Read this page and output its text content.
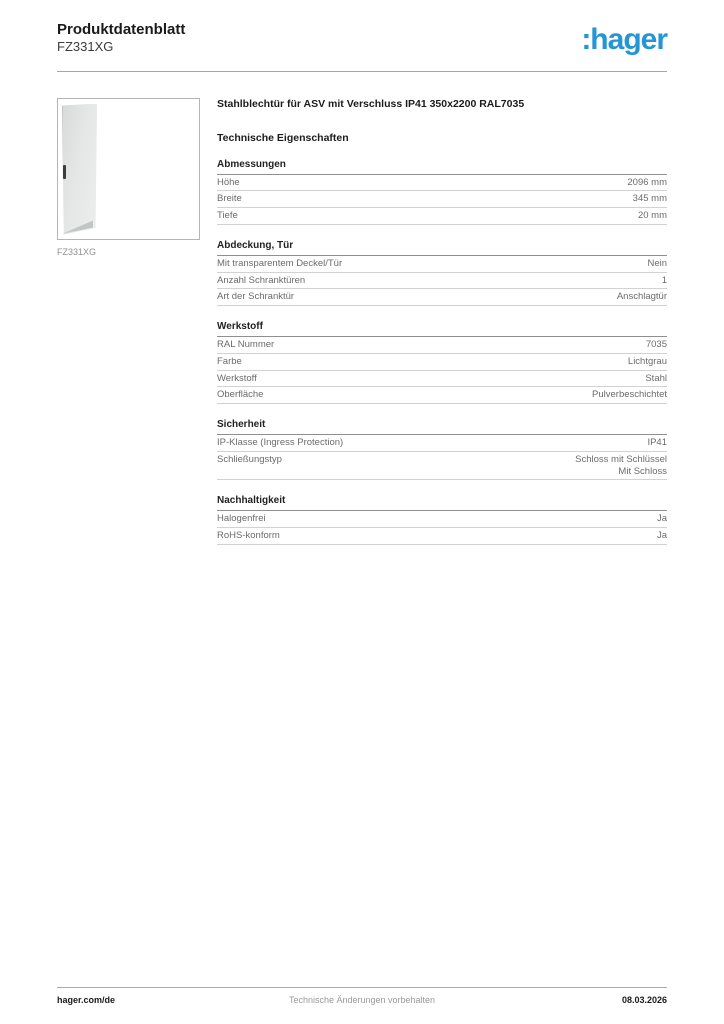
Produktdatenblatt
FZ331XG	:hager
FZ331XG
Stahlblechtür für ASV mit Verschluss IP41 350x2200 RAL7035
Technische Eigenschaften
Abmessungen
Höhe	2096 mm
Breite	345 mm
Tiefe	20 mm
Abdeckung, Tür
Mit transparentem Deckel/Tür	Nein
Anzahl Schranktüren	1
Art der Schranktür	Anschlagtür
Werkstoff
RAL Nummer	7035
Farbe	Lichtgrau
Werkstoff	Stahl
Oberfläche	Pulverbeschichtet
Sicherheit
IP-Klasse (Ingress Protection)	IP41
Schließungstyp	Schloss mit Schlüssel
Mit Schloss
Nachhaltigkeit
Halogenfrei	Ja
RoHS-konform	Ja
hager.com/de	Technische Änderungen vorbehalten	08.03.2026
